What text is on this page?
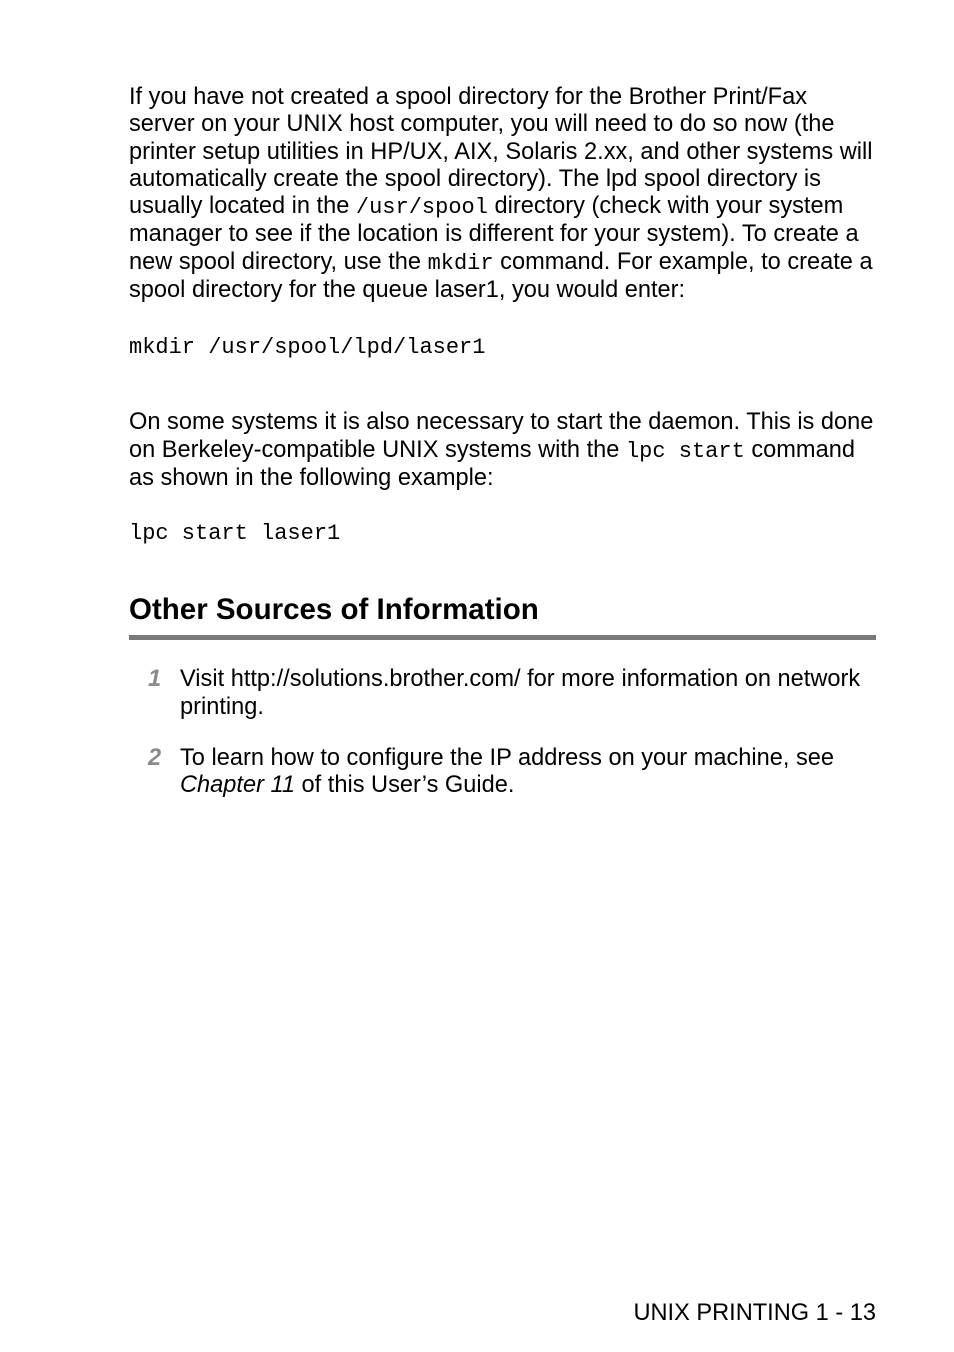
If you have not created a spool directory for the Brother Print/Fax server on your UNIX host computer, you will need to do so now (the printer setup utilities in HP/UX, AIX, Solaris 2.xx, and other systems will automatically create the spool directory). The lpd spool directory is usually located in the /usr/spool directory (check with your system manager to see if the location is different for your system). To create a new spool directory, use the mkdir command. For example, to create a spool directory for the queue laser1, you would enter:

mkdir /usr/spool/lpd/laser1

On some systems it is also necessary to start the daemon. This is done on Berkeley-compatible UNIX systems with the lpc start command as shown in the following example:

lpc start laser1

Other Sources of Information
1 Visit http://solutions.brother.com/ for more information on network printing.
2 To learn how to configure the IP address on your machine, see Chapter 11 of this User’s Guide.
UNIX PRINTING 1 - 13
